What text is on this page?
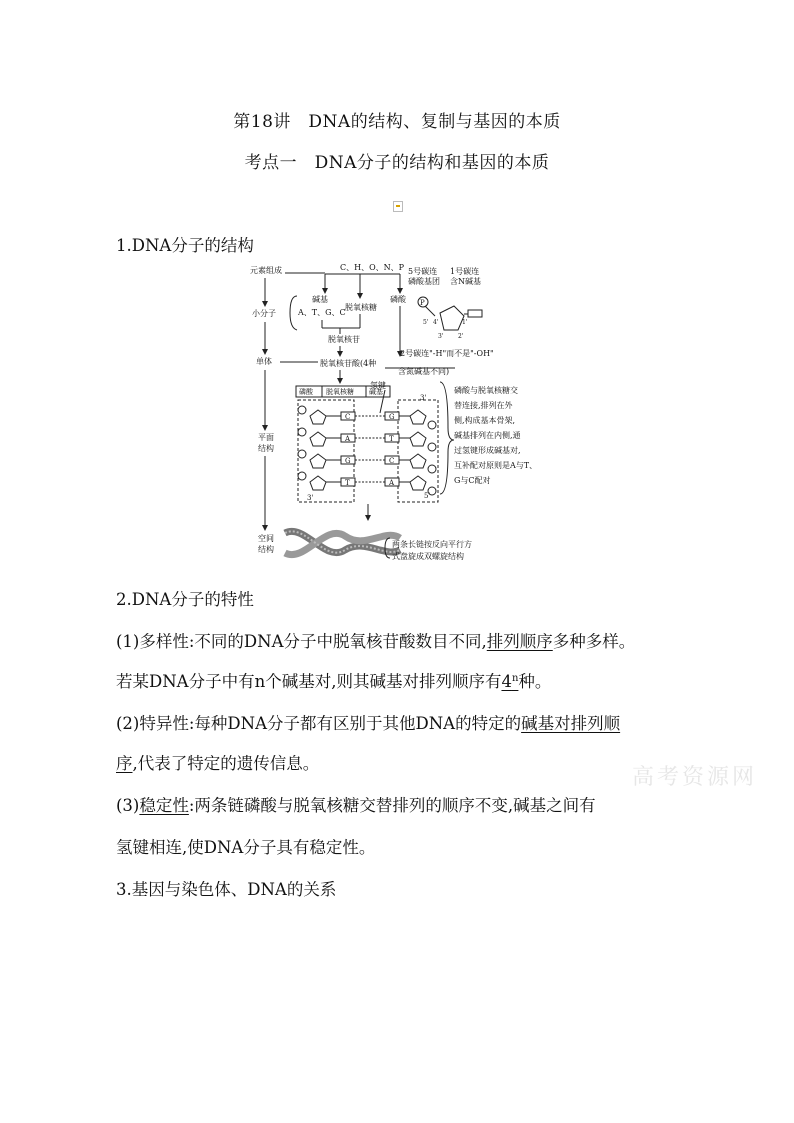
第18讲　DNA的结构、复制与基因的本质
考点一　DNA分子的结构和基因的本质
1.DNA分子的结构
元素组成
小分子
单体
平面
结构
空间
结构
C、H、O、N、P
碱基
A、T、G、C
脱氧核糖
磷酸
脱氧核苷
脱氧核苷酸(4种
含氮碱基不同)
5号碳连
磷酸基团
1号碳连
含N碱基
P
5' 4'	1'
3' 2'
2号碳连"-H"而不是"-OH"
磷酸 脱氧核糖 碱基
氢键
3'
3'
5'
C	G
A	T
G	C
T	A
磷酸与脱氧核糖交
替连接,排列在外
侧,构成基本骨架,
碱基排列在内侧,通
过氢键形成碱基对,
互补配对原则是A与T、
G与C配对
两条长链按反向平行方
式盘旋成双螺旋结构
2.DNA分子的特性
(1)多样性:不同的DNA分子中脱氧核苷酸数目不同,排列顺序多种多样。
若某DNA分子中有n个碱基对,则其碱基对排列顺序有4$^n$种。
(2)特异性:每种DNA分子都有区别于其他DNA的特定的碱基对排列顺
序,代表了特定的遗传信息。
(3)稳定性:两条链磷酸与脱氧核糖交替排列的顺序不变,碱基之间有
氢键相连,使DNA分子具有稳定性。
3.基因与染色体、DNA的关系
高考资源网
